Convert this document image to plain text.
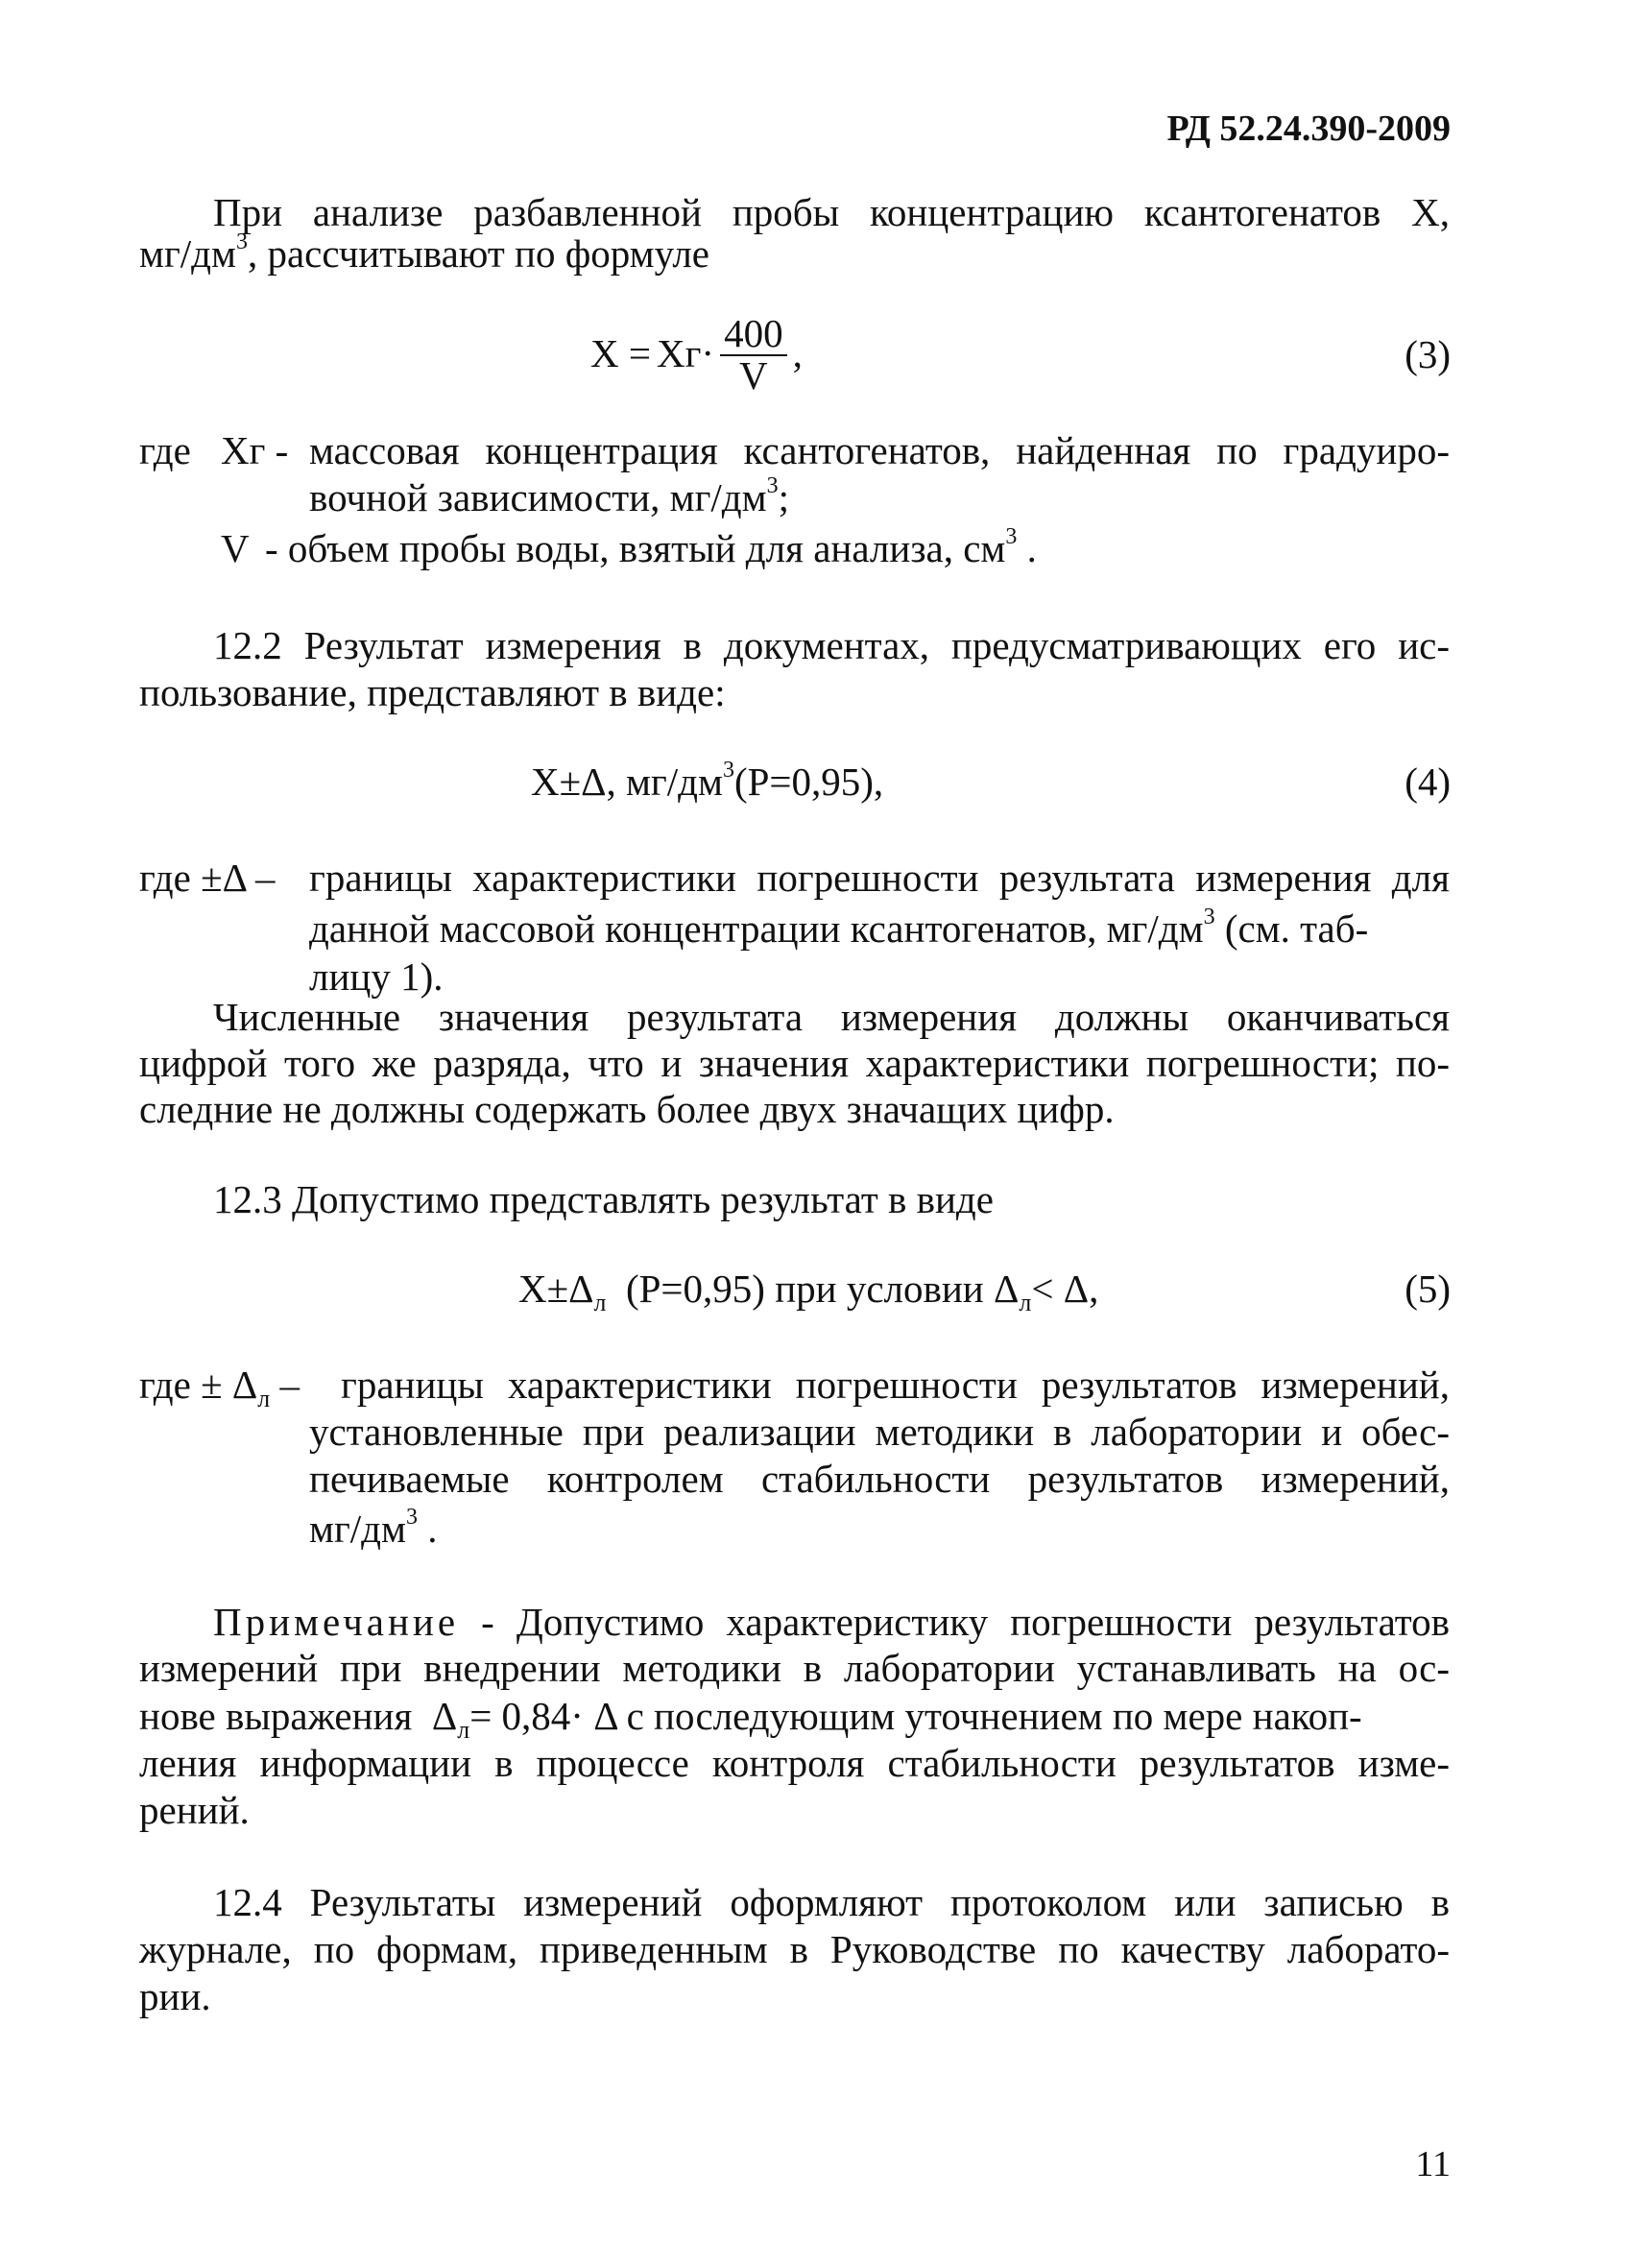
РД 52.24.390-2009
При анализе разбавленной пробы концентрацию ксантогенатов Х,
$мг/дм^3$, рассчитывают по формуле
$Х = Хг\cdot \frac{400}{V}$ ,	(3)
где Хг - массовая концентрация ксантогенатов, найденная по градуиро-
вочной зависимости, $мг/дм^3$;
V - объем пробы воды, взятый для анализа, $см^3$ .
12.2 Результат измерения в документах, предусматривающих его ис-
пользование, представляют в виде:
Х±Δ, $мг/дм^3(Р=0,95)$,	(4)
где ±Δ – границы характеристики погрешности результата измерения для
данной массовой концентрации ксантогенатов, $мг/дм^3$ (см. таб-
лицу 1).
Численные значения результата измерения должны оканчиваться
цифрой того же разряда, что и значения характеристики погрешности; по-
следние не должны содержать более двух значащих цифр.
12.3 Допустимо представлять результат в виде
$Х\pm\Delta_л$  (Р=0,95) при условии $\Delta_л< \Delta$,	(5)
где ± $\Delta_л$ – границы характеристики погрешности результатов измерений,
установленные при реализации методики в лаборатории и обес-
печиваемые контролем стабильности результатов измерений,
$мг/дм^3$ .
Примечание - Допустимо характеристику погрешности результатов
измерений при внедрении методики в лаборатории устанавливать на ос-
нове выражения  $\Delta_л= 0,84\cdot \Delta$ с последующим уточнением по мере накоп-
ления информации в процессе контроля стабильности результатов изме-
рений.
12.4 Результаты измерений оформляют протоколом или записью в
журнале, по формам, приведенным в Руководстве по качеству лаборато-
рии.
11
